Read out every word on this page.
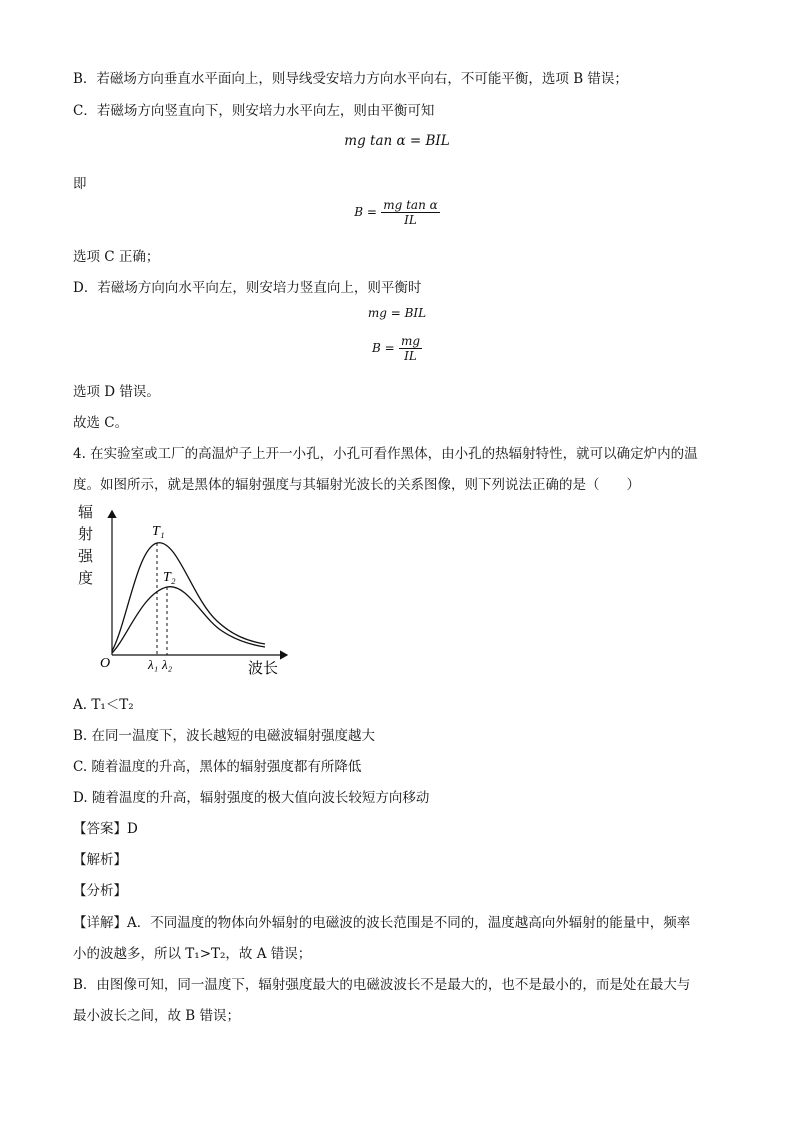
B．若磁场方向垂直水平面向上，则导线受安培力方向水平向右，不可能平衡，选项 B 错误；
C．若磁场方向竖直向下，则安培力水平向左，则由平衡可知
mg tan α = BIL
即
$B = \frac{\text{mg tan α}}{IL}$
选项 C 正确；
D．若磁场方向向水平向左，则安培力竖直向上，则平衡时
mg = BIL
$B = \frac{mg}{IL}$
选项 D 错误。
故选 C。
4. 在实验室或工厂的高温炉子上开一小孔，小孔可看作黑体，由小孔的热辐射特性，就可以确定炉内的温
度。如图所示，就是黑体的辐射强度与其辐射光波长的关系图像，则下列说法正确的是（　　）
辐
射
强
度
O
T₁
T₂
λ₁ λ₂	波长
A. T₁＜T₂
B. 在同一温度下，波长越短的电磁波辐射强度越大
C. 随着温度的升高，黑体的辐射强度都有所降低
D. 随着温度的升高，辐射强度的极大值向波长较短方向移动
【答案】D
【解析】
【分析】
【详解】A．不同温度的物体向外辐射的电磁波的波长范围是不同的，温度越高向外辐射的能量中，频率
小的波越多，所以 T₁>T₂，故 A 错误；
B．由图像可知，同一温度下，辐射强度最大的电磁波波长不是最大的，也不是最小的，而是处在最大与
最小波长之间，故 B 错误；
